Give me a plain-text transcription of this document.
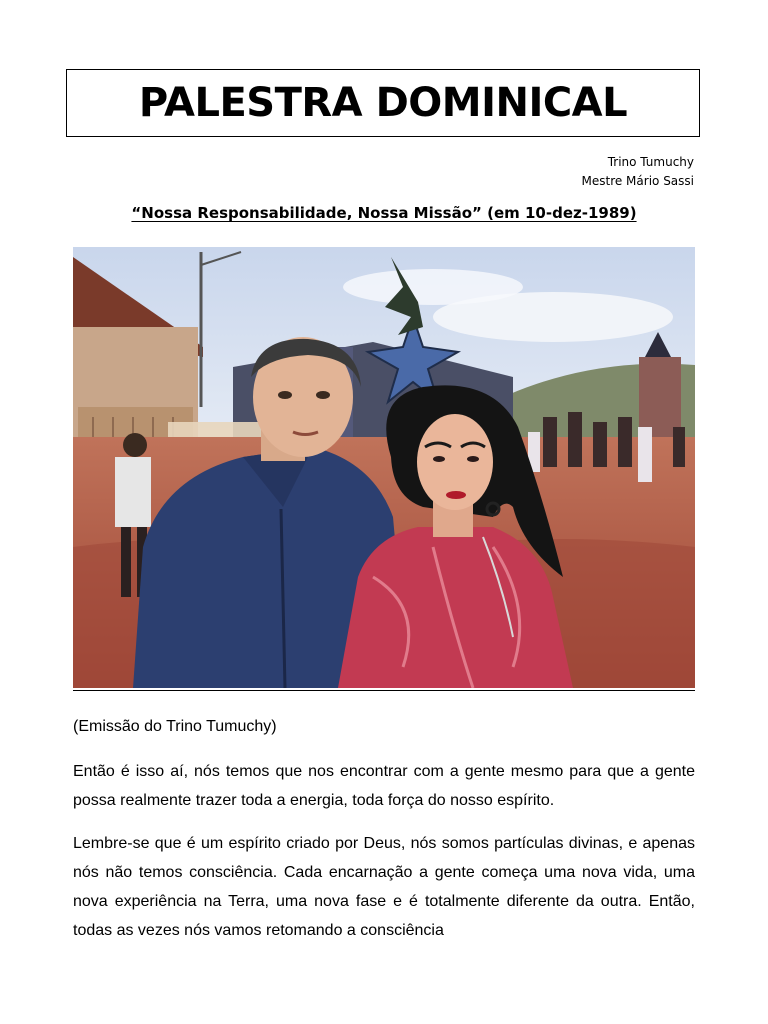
PALESTRA DOMINICAL
Trino Tumuchy
Mestre Mário Sassi
“Nossa Responsabilidade, Nossa Missão” (em 10-dez-1989)

(Emissão do Trino Tumuchy)

Então é isso aí, nós temos que nos encontrar com a gente mesmo para que a gente possa realmente trazer toda a energia, toda força do nosso espírito.

Lembre-se que é um espírito criado por Deus, nós somos partículas divinas, e apenas nós não temos consciência. Cada encarnação a gente começa uma nova vida, uma nova experiência na Terra, uma nova fase e é totalmente diferente da outra. Então, todas as vezes nós vamos retomando a consciência
